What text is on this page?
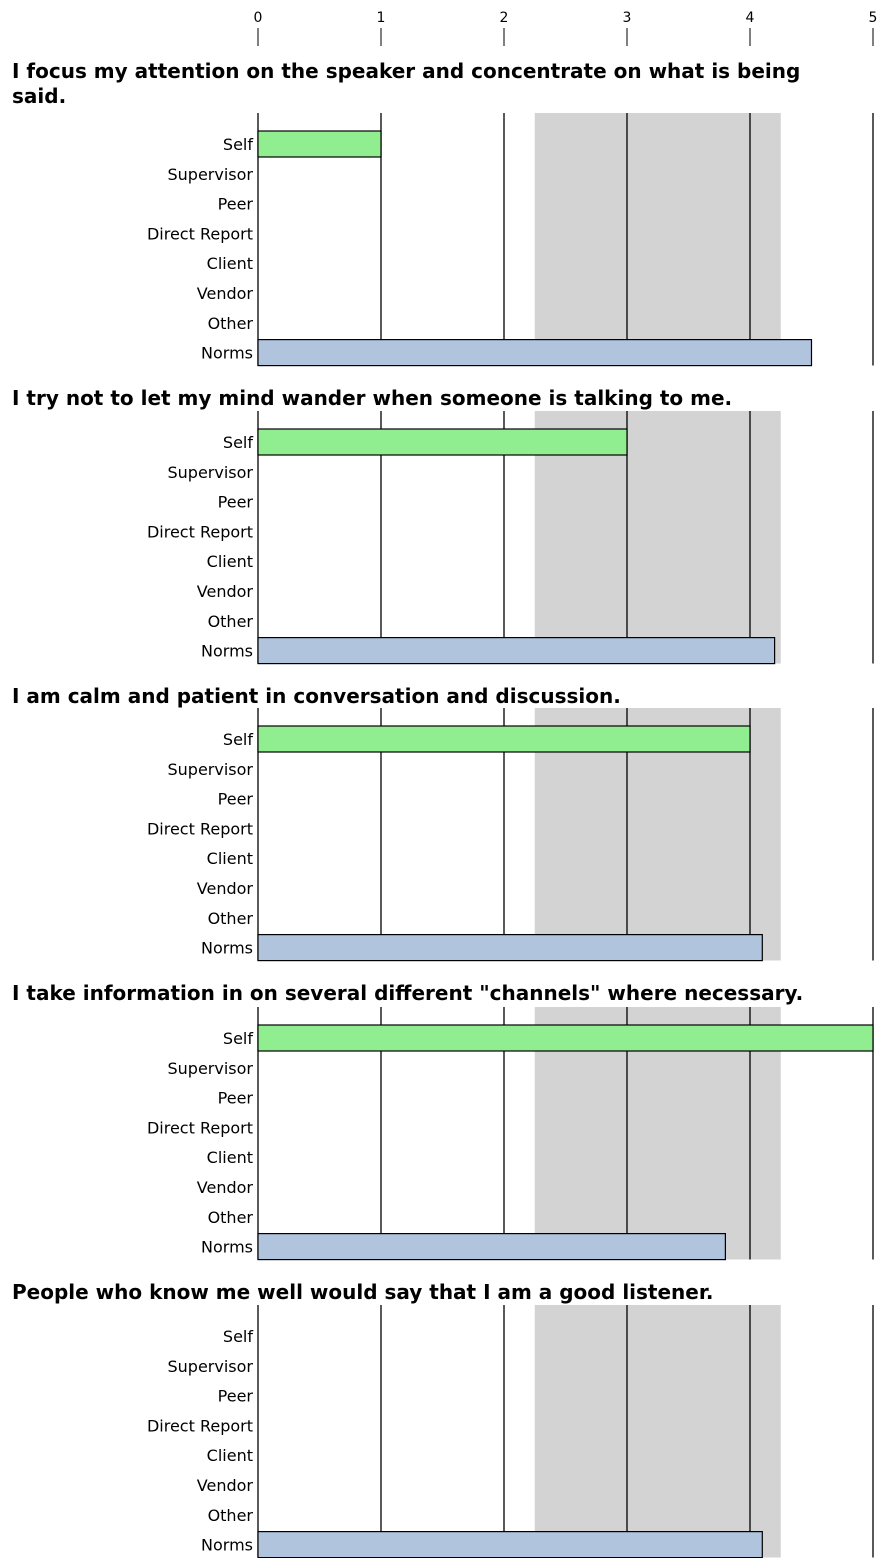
0	1	2	3	4	5
I focus my attention on the speaker and concentrate on what is being
said.
Self
Supervisor
Peer
Direct Report
Client
Vendor
Other
Norms
I try not to let my mind wander when someone is talking to me.
Self
Supervisor
Peer
Direct Report
Client
Vendor
Other
Norms
I am calm and patient in conversation and discussion.
Self
Supervisor
Peer
Direct Report
Client
Vendor
Other
Norms
I take information in on several different "channels" where necessary.
Self
Supervisor
Peer
Direct Report
Client
Vendor
Other
Norms
People who know me well would say that I am a good listener.
Self
Supervisor
Peer
Direct Report
Client
Vendor
Other
Norms
